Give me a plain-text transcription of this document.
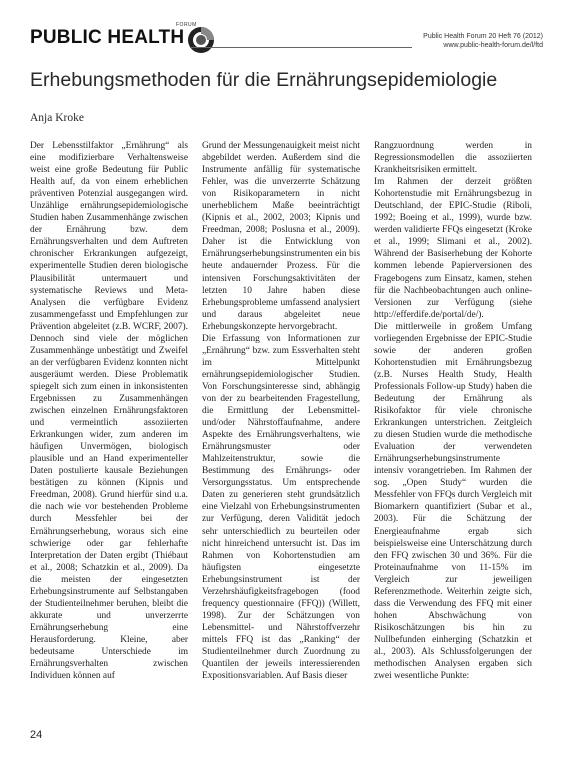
PUBLIC HEALTH
FORUM
Public Health Forum 20 Heft 76 (2012)
www.public-health-forum.de/l/ftd
Erhebungsmethoden für die Ernährungsepidemiologie
Anja Kroke

Der Lebensstilfaktor „Ernährung“ als eine modifizierbare Verhaltensweise weist eine große Bedeutung für Public Health auf, da von einem erheblichen präventiven Potenzial ausgegangen wird. Unzählige ernährungsepidemiologische Studien haben Zusammenhänge zwischen der Ernährung bzw. dem Ernährungsverhalten und dem Auftreten chronischer Erkrankungen aufgezeigt, experimentelle Studien deren biologische Plausibilität untermauert und systematische Reviews und Meta-Analysen die verfügbare Evidenz zusammengefasst und Empfehlungen zur Prävention abgeleitet (z.B. WCRF, 2007). Dennoch sind viele der möglichen Zusammenhänge unbestätigt und Zweifel an der verfügbaren Evidenz konnten nicht ausgeräumt werden. Diese Problematik spiegelt sich zum einen in inkonsistenten Ergebnissen zu Zusammenhängen zwischen einzelnen Ernährungsfaktoren und vermeintlich assoziierten Erkrankungen wider, zum anderen im häufigen Unvermögen, biologisch plausible und an Hand experimenteller Daten postulierte kausale Beziehungen bestätigen zu können (Kipnis und Freedman, 2008). Grund hierfür sind u.a. die nach wie vor bestehenden Probleme durch Messfehler bei der Ernährungserhebung, woraus sich eine schwierige oder gar fehlerhafte Interpretation der Daten ergibt (Thiébaut et al., 2008; Schatzkin et al., 2009). Da die meisten der eingesetzten Erhebungsinstrumente auf Selbstangaben der Studienteilnehmer beruhen, bleibt die akkurate und unverzerrte Ernährungserhebung eine Herausforderung. Kleine, aber bedeutsame Unterschiede im Ernährungsverhalten zwischen Individuen können auf

Grund der Messungenauigkeit meist nicht abgebildet werden. Außerdem sind die Instrumente anfällig für systematische Fehler, was die unverzerrte Schätzung von Risikoparametern in nicht unerheblichem Maße beeinträchtigt (Kipnis et al., 2002, 2003; Kipnis und Freedman, 2008; Poslusna et al., 2009). Daher ist die Entwicklung von Ernährungserhebungsinstrumenten ein bis heute andauernder Prozess. Für die intensiven Forschungsaktivitäten der letzten 10 Jahre haben diese Erhebungsprobleme umfassend analysiert und daraus abgeleitet neue Erhebungskonzepte hervorgebracht.

Die Erfassung von Informationen zur „Ernährung“ bzw. zum Essverhalten steht im Mittelpunkt ernährungsepidemiologischer Studien. Von Forschungsinteresse sind, abhängig von der zu bearbeitenden Fragestellung, die Ermittlung der Lebensmittel- und/oder Nährstoffaufnahme, andere Aspekte des Ernährungsverhaltens, wie Ernährungsmuster oder Mahlzeitenstruktur, sowie die Bestimmung des Ernährungs- oder Versorgungsstatus. Um entsprechende Daten zu generieren steht grundsätzlich eine Vielzahl von Erhebungsinstrumenten zur Verfügung, deren Validität jedoch sehr unterschiedlich zu beurteilen oder nicht hinreichend untersucht ist. Das im Rahmen von Kohortenstudien am häufigsten eingesetzte Erhebungsinstrument ist der Verzehrshäufigkeitsfragebogen (food frequency questionnaire (FFQ)) (Willett, 1998). Zur der Schätzungen von Lebensmittel- und Nährstoffverzehr mittels FFQ ist das „Ranking“ der Studienteilnehmer durch Zuordnung zu Quantilen der jeweils interessierenden Expositionsvariablen. Auf Basis dieser

Rangzuordnung werden in Regressionsmodellen die assoziierten Krankheitsrisiken ermittelt.

Im Rahmen der derzeit größten Kohortenstudie mit Ernährungsbezug in Deutschland, der EPIC-Studie (Riboli, 1992; Boeing et al., 1999), wurde bzw. werden validierte FFQs eingesetzt (Kroke et al., 1999; Slimani et al., 2002). Während der Basiserhebung der Kohorte kommen lebende Papierversionen des Fragebogens zum Einsatz, kamen, stehen für die Nachbeobachtungen auch online-Versionen zur Verfügung (siehe http://efferdife.de/portal/de/).

Die mittlerweile in großem Umfang vorliegenden Ergebnisse der EPIC-Studie sowie der anderen großen Kohortenstudien mit Ernährungsbezug (z.B. Nurses Health Study, Health Professionals Follow-up Study) haben die Bedeutung der Ernährung als Risikofaktor für viele chronische Erkrankungen unterstrichen. Zeitgleich zu diesen Studien wurde die methodische Evaluation der verwendeten Ernährungserhebungsinstrumente intensiv vorangetrieben. Im Rahmen der sog. „Open Study“ wurden die Messfehler von FFQs durch Vergleich mit Biomarkern quantifiziert (Subar et al., 2003). Für die Schätzung der Energieaufnahme ergab sich beispielsweise eine Unterschätzung durch den FFQ zwischen 30 und 36%. Für die Proteinaufnahme von 11-15% im Vergleich zur jeweiligen Referenzmethode. Weiterhin zeigte sich, dass die Verwendung des FFQ mit einer hohen Abschwächung von Risikoschätzungen bis hin zu Nullbefunden einherging (Schatzkin et al., 2003). Als Schlussfolgerungen der methodischen Analysen ergaben sich zwei wesentliche Punkte:

24
